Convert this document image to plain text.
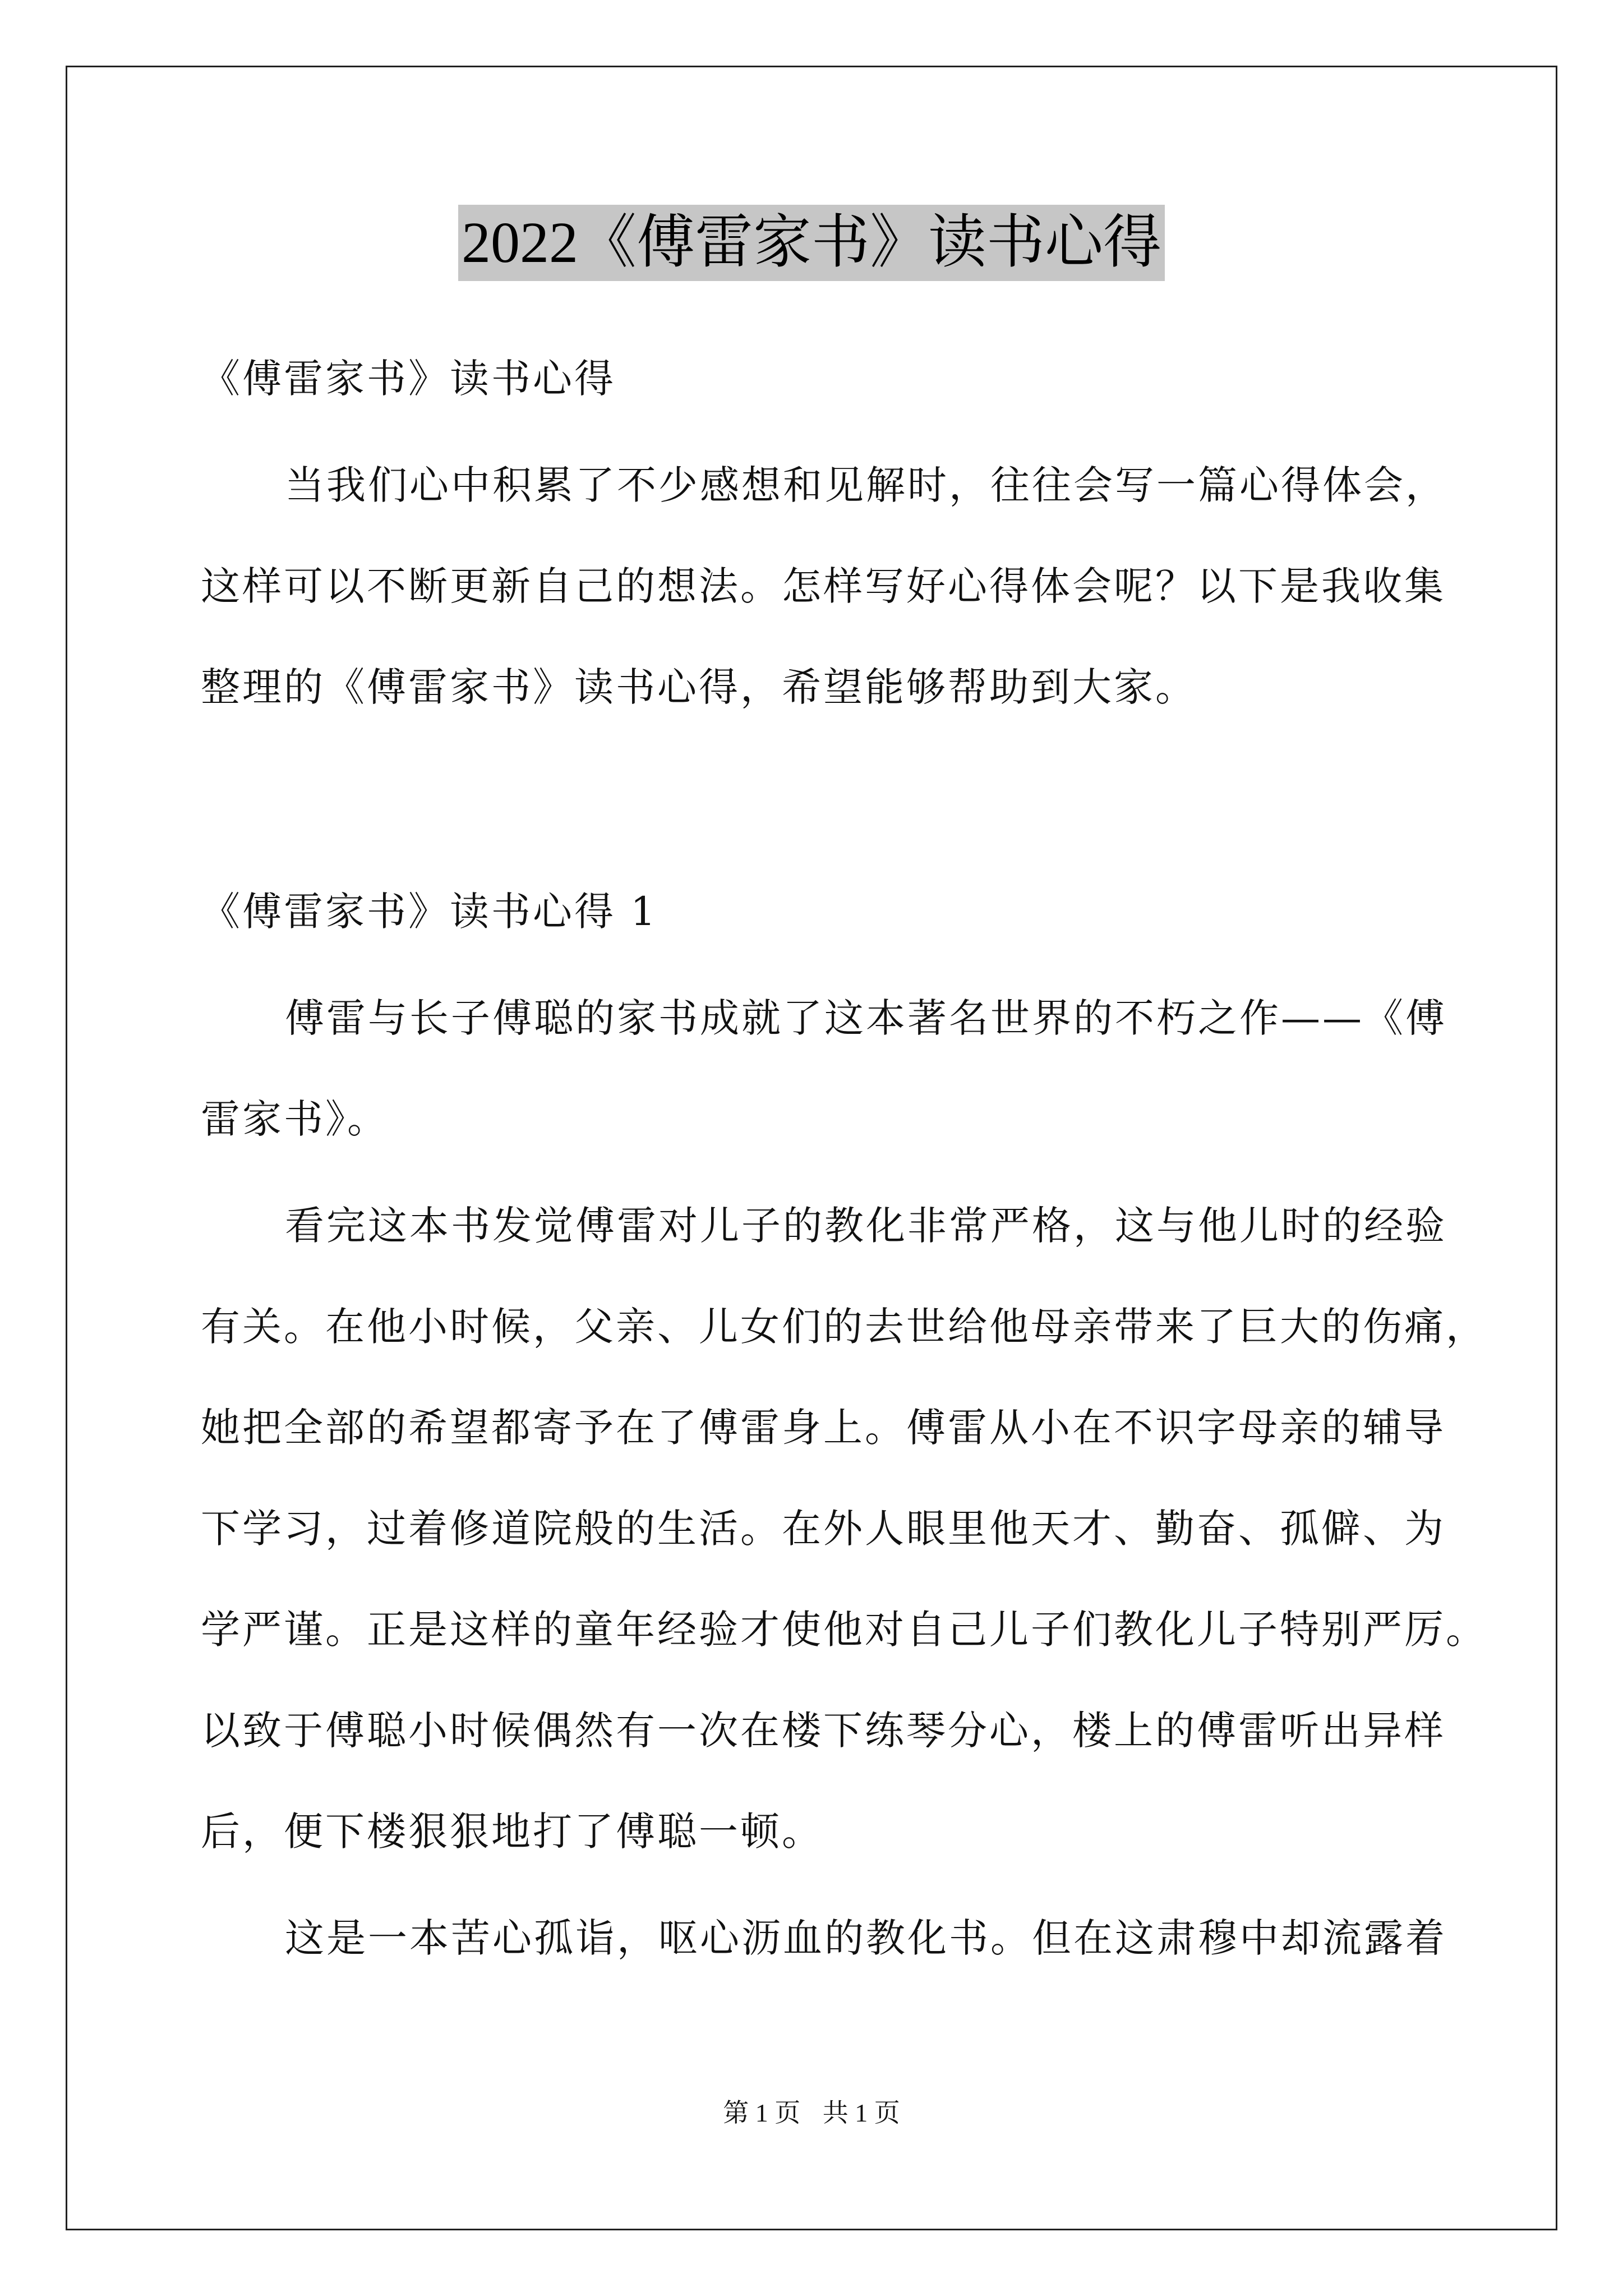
2022《傅雷家书》读书心得
《傅雷家书》读书心得
当我们心中积累了不少感想和见解时，往往会写一篇心得体会，
这样可以不断更新自己的想法。怎样写好心得体会呢？以下是我收集
整理的《傅雷家书》读书心得，希望能够帮助到大家。
《傅雷家书》读书心得 1
傅雷与长子傅聪的家书成就了这本著名世界的不朽之作——《傅
雷家书》。
看完这本书发觉傅雷对儿子的教化非常严格，这与他儿时的经验
有关。在他小时候，父亲、儿女们的去世给他母亲带来了巨大的伤痛，
她把全部的希望都寄予在了傅雷身上。傅雷从小在不识字母亲的辅导
下学习，过着修道院般的生活。在外人眼里他天才、勤奋、孤僻、为
学严谨。正是这样的童年经验才使他对自己儿子们教化儿子特别严厉。
以致于傅聪小时候偶然有一次在楼下练琴分心，楼上的傅雷听出异样
后，便下楼狠狠地打了傅聪一顿。
这是一本苦心孤诣，呕心沥血的教化书。但在这肃穆中却流露着
第 1 页 共 1 页
